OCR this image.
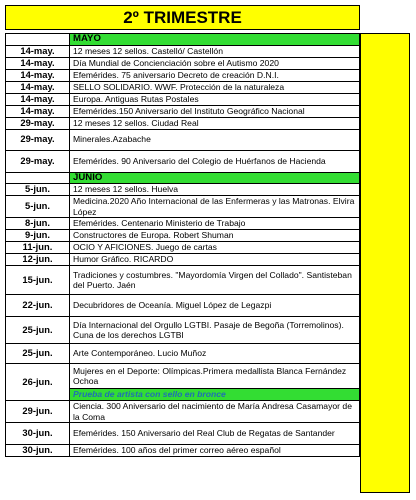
2º TRIMESTRE
	MAYO
14-may.	12 meses 12 sellos. Castelló/ Castellón
14-may.	Día Mundial de Concienciación sobre el Autismo 2020
14-may.	Efemérides. 75 aniversario Decreto de creación D.N.I.
14-may.	SELLO SOLIDARIO. WWF. Protección de la naturaleza
14-may.	Europa. Antiguas Rutas Postales
14-may.	Efemérides.150 Aniversario del Instituto Geográfico Nacional
29-may.	12 meses 12 sellos. Ciudad Real
29-may.	Minerales.Azabache
29-may.	Efemérides. 90 Aniversario del Colegio de Huérfanos de Hacienda
	JUNIO
5-jun.	12 meses 12 sellos. Huelva
5-jun.	Medicina.2020 Año Internacional de las Enfermeras y las Matronas. Elvira López
8-jun.	Efemérides. Centenario Ministerio de Trabajo
9-jun.	Constructores de Europa. Robert Shuman
11-jun.	OCIO Y AFICIONES. Juego de cartas
12-jun.	Humor Gráfico. RICARDO
15-jun.	Tradiciones y costumbres. "Mayordomía Virgen del Collado". Santisteban del Puerto. Jaén
22-jun.	Decubridores de Oceanía. Miguel López de Legazpi
25-jun.	Día Internacional del Orgullo LGTBI. Pasaje de Begoña (Torremolinos). Cuna de los derechos LGTBI
25-jun.	Arte Contemporáneo. Lucio Muñoz
26-jun.	Mujeres en el Deporte: Olímpicas.Primera medallista Blanca Fernández Ochoa
	Prueba de artista con sello en bronce
29-jun.	Ciencia. 300 Aniversario del nacimiento de María Andresa Casamayor de la Coma
30-jun.	Efemérides. 150 Aniversario del Real Club de Regatas de Santander
30-jun.	Efemérides. 100 años del primer correo aéreo español
